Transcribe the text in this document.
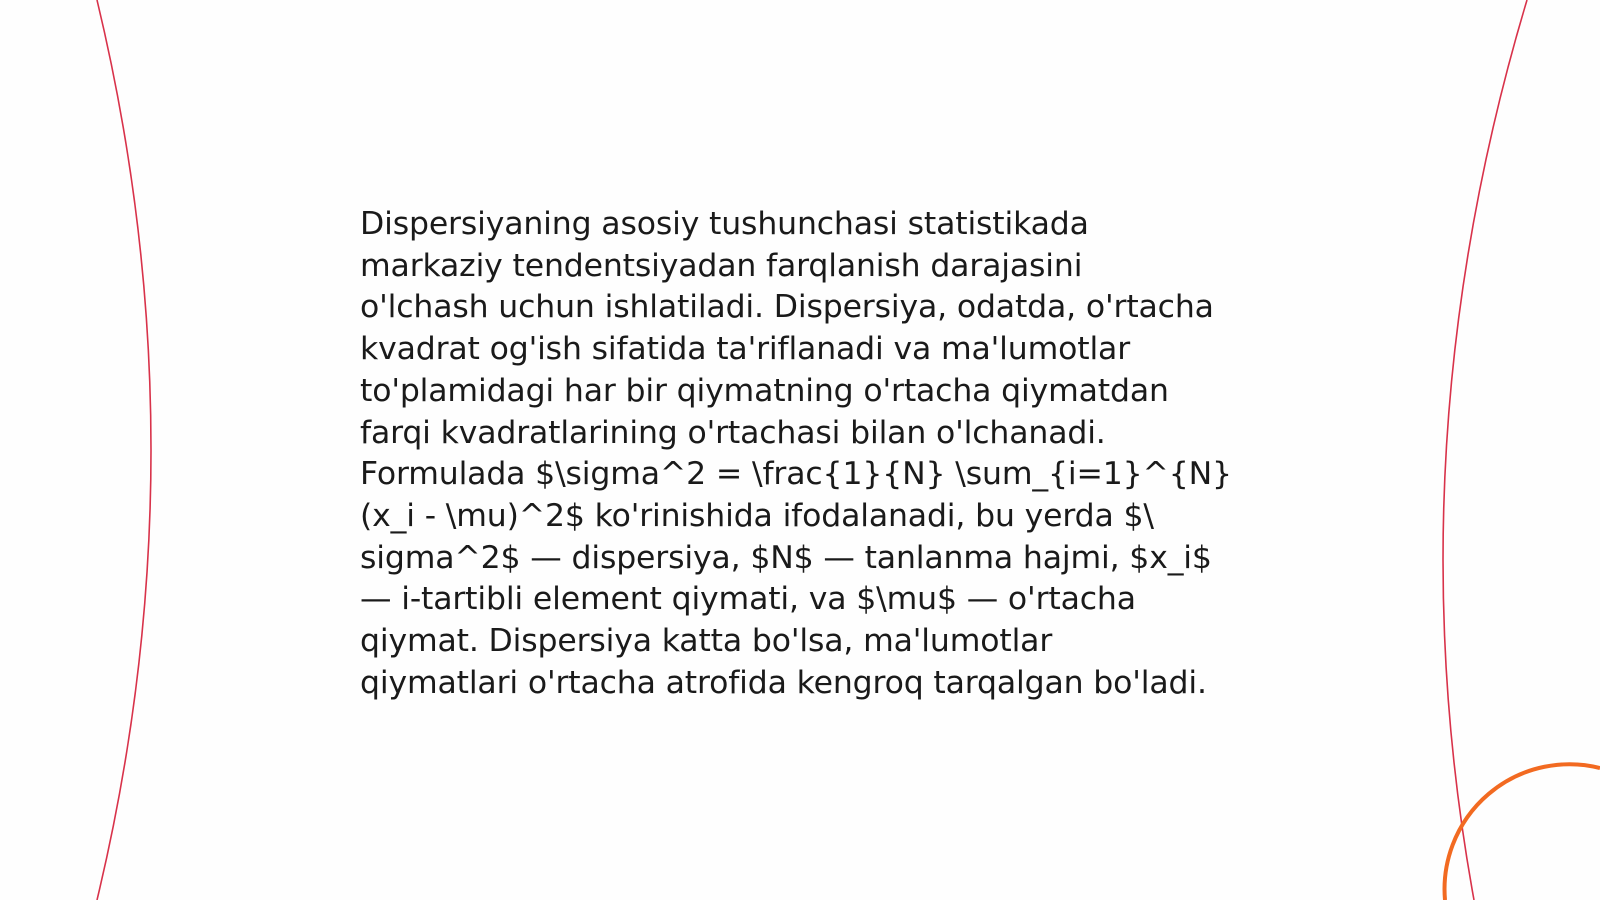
Dispersiyaning asosiy tushunchasi statistikada
markaziy tendentsiyadan farqlanish darajasini
o'lchash uchun ishlatiladi. Dispersiya, odatda, o'rtacha
kvadrat og'ish sifatida ta'riflanadi va ma'lumotlar
to'plamidagi har bir qiymatning o'rtacha qiymatdan
farqi kvadratlarining o'rtachasi bilan o'lchanadi.
Formulada $\sigma^2 = \frac{1}{N} \sum_{i=1}^{N}
(x_i - \mu)^2$ ko'rinishida ifodalanadi, bu yerda $\
sigma^2$ — dispersiya, $N$ — tanlanma hajmi, $x_i$
— i-tartibli element qiymati, va $\mu$ — o'rtacha
qiymat. Dispersiya katta bo'lsa, ma'lumotlar
qiymatlari o'rtacha atrofida kengroq tarqalgan bo'ladi.
